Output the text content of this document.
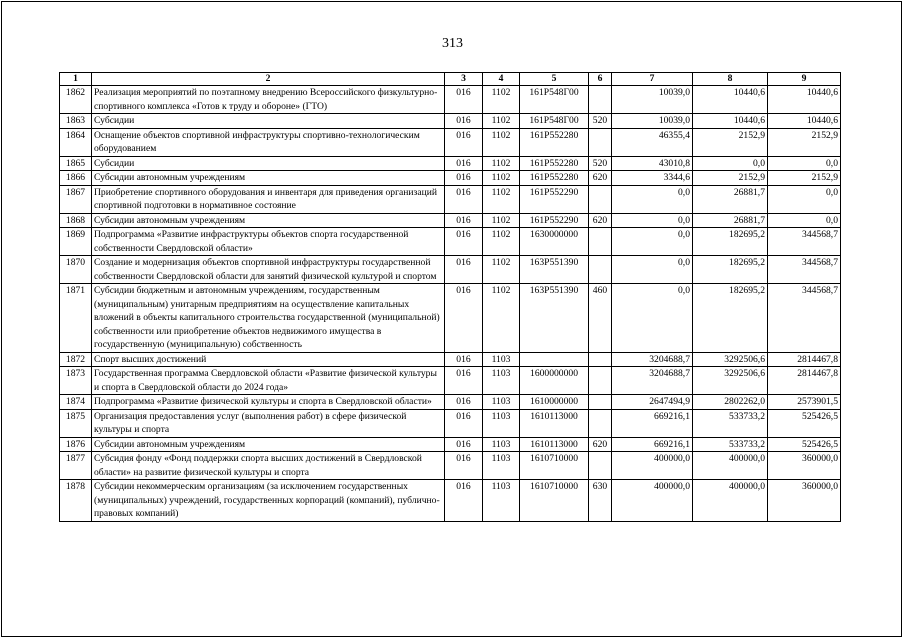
313
1	2	3	4	5	6	7	8	9
1862	Реализация мероприятий по поэтапному внедрению Всероссийского физкультурно-спортивного комплекса «Готов к труду и обороне» (ГТО)	016	1102	161P548Г00		10039,0	10440,6	10440,6
1863	Субсидии	016	1102	161P548Г00	520	10039,0	10440,6	10440,6
1864	Оснащение объектов спортивной инфраструктуры спортивно-технологическим оборудованием	016	1102	161P552280		46355,4	2152,9	2152,9
1865	Субсидии	016	1102	161P552280	520	43010,8	0,0	0,0
1866	Субсидии автономным учреждениям	016	1102	161P552280	620	3344,6	2152,9	2152,9
1867	Приобретение спортивного оборудования и инвентаря для приведения организаций спортивной подготовки в нормативное состояние	016	1102	161P552290		0,0	26881,7	0,0
1868	Субсидии автономным учреждениям	016	1102	161P552290	620	0,0	26881,7	0,0
1869	Подпрограмма «Развитие инфраструктуры объектов спорта государственной собственности Свердловской области»	016	1102	1630000000		0,0	182695,2	344568,7
1870	Создание и модернизация объектов спортивной инфраструктуры государственной собственности Свердловской области для занятий физической культурой и спортом	016	1102	163P551390		0,0	182695,2	344568,7
1871	Субсидии бюджетным и автономным учреждениям, государственным (муниципальным) унитарным предприятиям на осуществление капитальных вложений в объекты капитального строительства государственной (муниципальной) собственности или приобретение объектов недвижимого имущества в государственную (муниципальную) собственность	016	1102	163P551390	460	0,0	182695,2	344568,7
1872	Спорт высших достижений	016	1103			3204688,7	3292506,6	2814467,8
1873	Государственная программа Свердловской области «Развитие физической культуры и спорта в Свердловской области до 2024 года»	016	1103	1600000000		3204688,7	3292506,6	2814467,8
1874	Подпрограмма «Развитие физической культуры и спорта в Свердловской области»	016	1103	1610000000		2647494,9	2802262,0	2573901,5
1875	Организация предоставления услуг (выполнения работ) в сфере физической культуры и спорта	016	1103	1610113000		669216,1	533733,2	525426,5
1876	Субсидии автономным учреждениям	016	1103	1610113000	620	669216,1	533733,2	525426,5
1877	Субсидия фонду «Фонд поддержки спорта высших достижений в Свердловской области» на развитие физической культуры и спорта	016	1103	1610710000		400000,0	400000,0	360000,0
1878	Субсидии некоммерческим организациям (за исключением государственных (муниципальных) учреждений, государственных корпораций (компаний), публично-правовых компаний)	016	1103	1610710000	630	400000,0	400000,0	360000,0
